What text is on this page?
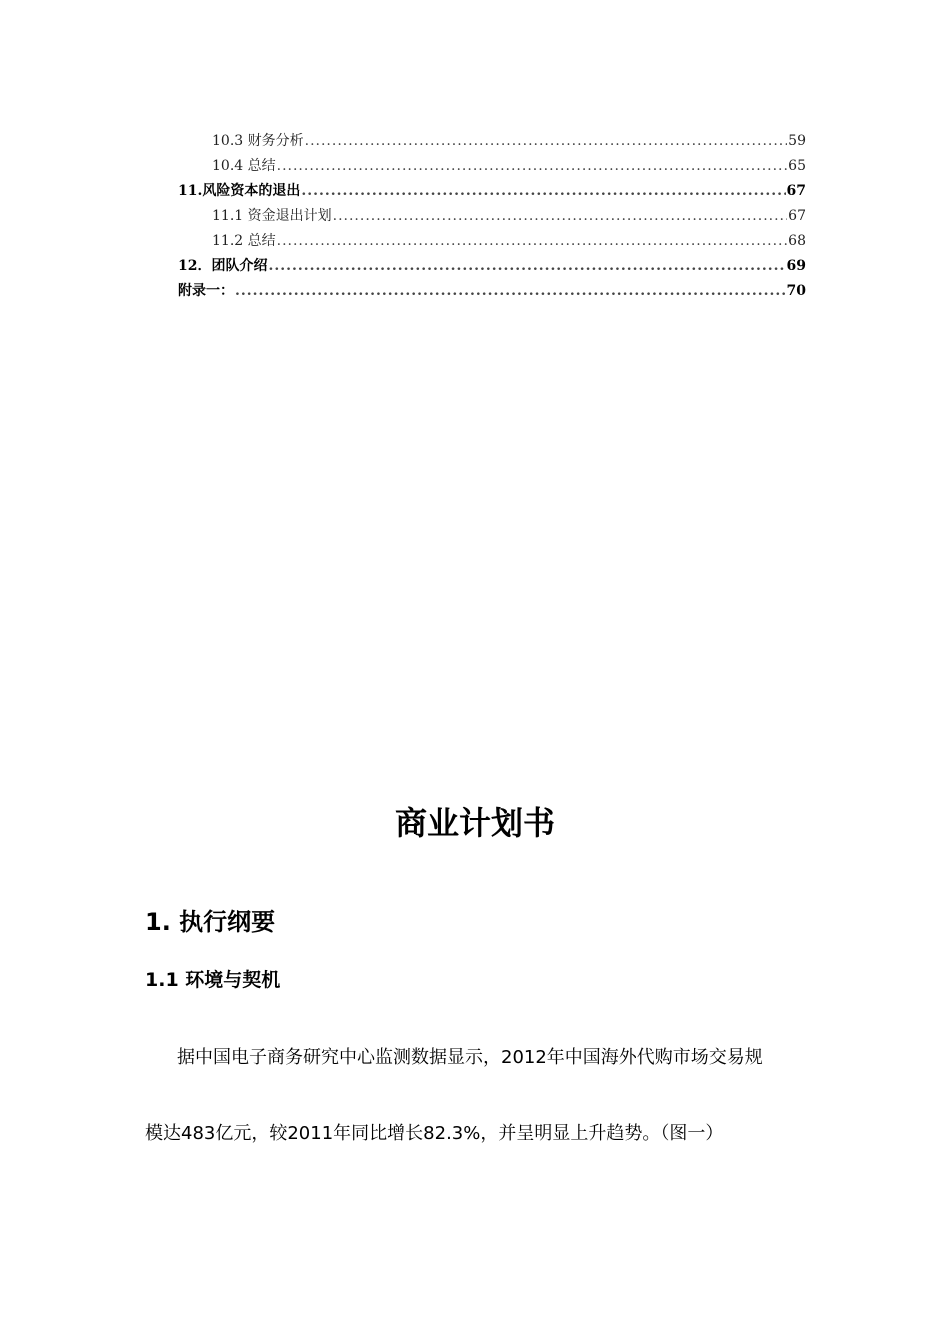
10.3 财务分析 .....	59
10.4 总结 .....	65
11.风险资本的退出 .....	67
11.1 资金退出计划 .....	67
11.2 总结 .....	68
12．团队介绍 .....	69
附录一： .....	70
商业计划书
1. 执行纲要
1.1 环境与契机
据中国电子商务研究中心监测数据显示，2012年中国海外代购市场交易规
模达483亿元，较2011年同比增长82.3%，并呈明显上升趋势。（图一）
